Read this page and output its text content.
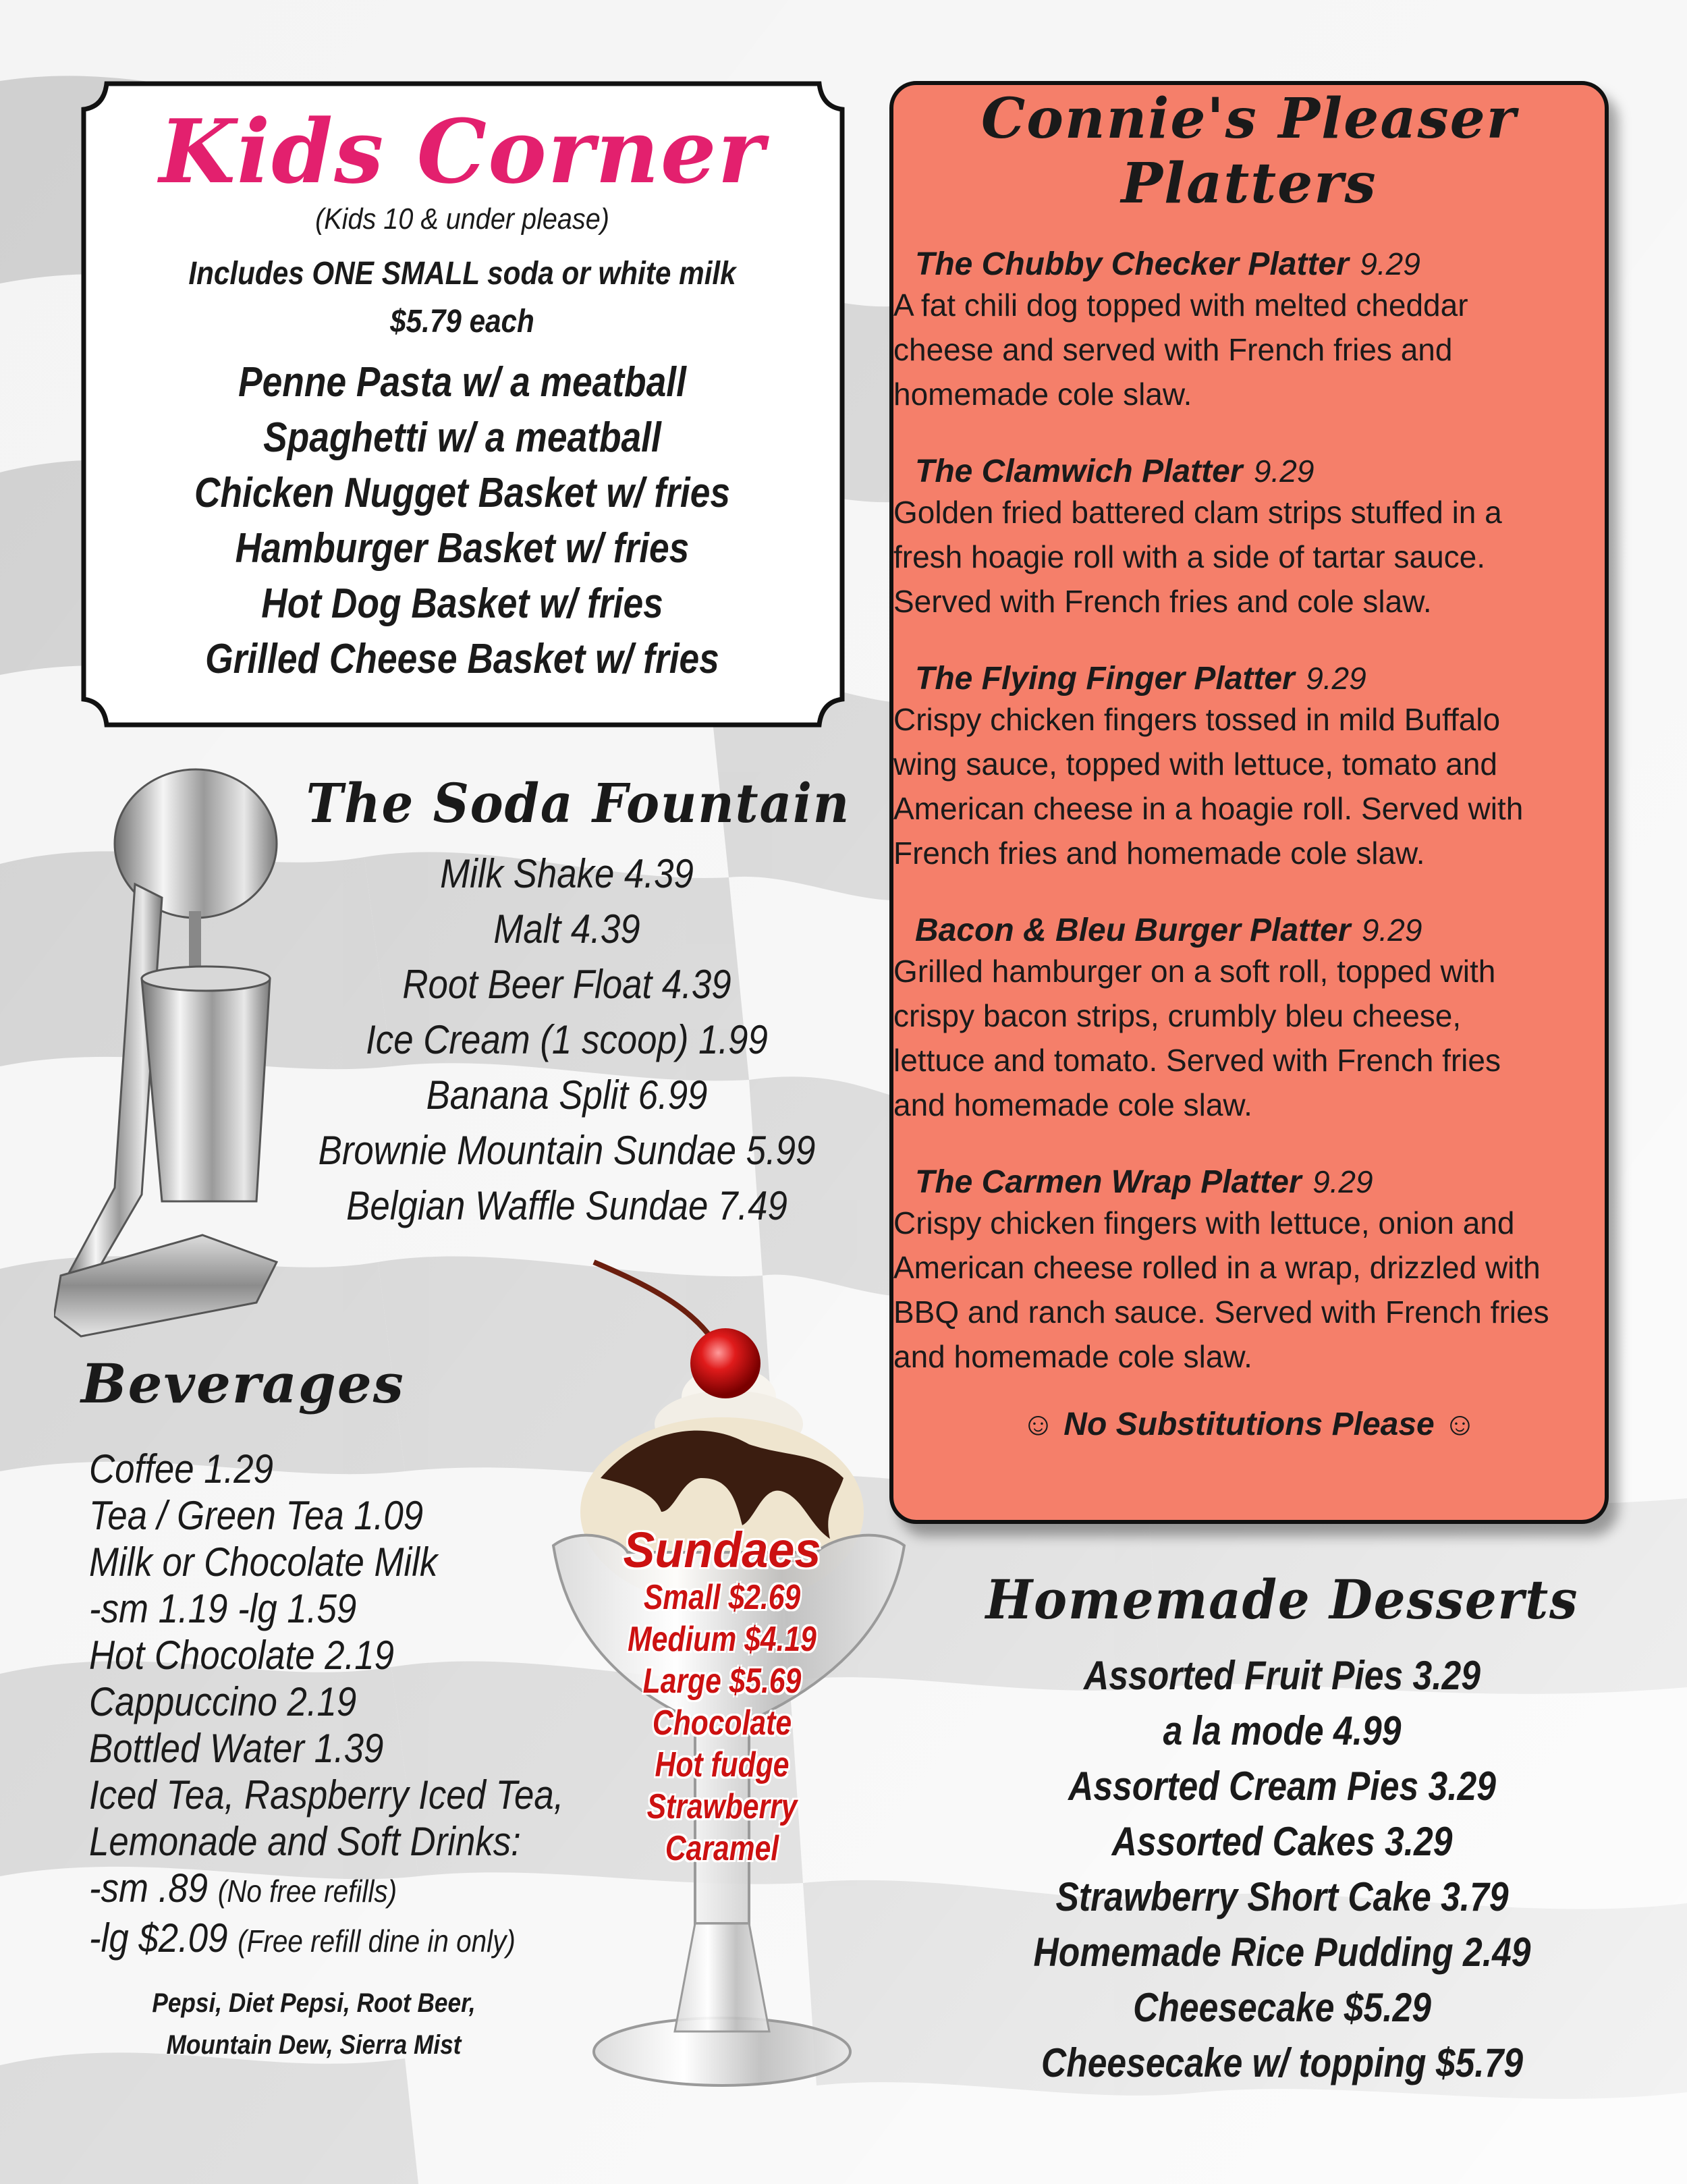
Kids Corner
(Kids 10 & under please)
Includes ONE SMALL soda or white milk
$5.79 each
Penne Pasta w/ a meatball
Spaghetti w/ a meatball
Chicken Nugget Basket w/ fries
Hamburger Basket w/ fries
Hot Dog Basket w/ fries
Grilled Cheese Basket w/ fries
The Soda Fountain
Milk Shake 4.39
Malt 4.39
Root Beer Float 4.39
Ice Cream (1 scoop) 1.99
Banana Split 6.99
Brownie Mountain Sundae 5.99
Belgian Waffle Sundae 7.49
Beverages
Coffee 1.29
Tea / Green Tea 1.09
Milk or Chocolate Milk
-sm 1.19 -lg 1.59
Hot Chocolate 2.19
Cappuccino 2.19
Bottled Water 1.39
Iced Tea, Raspberry Iced Tea,
Lemonade and Soft Drinks:
-sm .89 (No free refills)
-lg $2.09 (Free refill dine in only)
Pepsi, Diet Pepsi, Root Beer,
Mountain Dew, Sierra Mist
Sundaes
Small $2.69
Medium $4.19
Large $5.69
Chocolate
Hot fudge
Strawberry
Caramel
Connie's Pleaser
Platters
The Chubby Checker Platter 9.29
A fat chili dog topped with melted cheddar
cheese and served with French fries and
homemade cole slaw.
The Clamwich Platter 9.29
Golden fried battered clam strips stuffed in a
fresh hoagie roll with a side of tartar sauce.
Served with French fries and cole slaw.
The Flying Finger Platter 9.29
Crispy chicken fingers tossed in mild Buffalo
wing sauce, topped with lettuce, tomato and
American cheese in a hoagie roll. Served with
French fries and homemade cole slaw.
Bacon & Bleu Burger Platter 9.29
Grilled hamburger on a soft roll, topped with
crispy bacon strips, crumbly bleu cheese,
lettuce and tomato. Served with French fries
and homemade cole slaw.
The Carmen Wrap Platter 9.29
Crispy chicken fingers with lettuce, onion and
American cheese rolled in a wrap, drizzled with
BBQ and ranch sauce. Served with French fries
and homemade cole slaw.
☺ No Substitutions Please ☺
Homemade Desserts
Assorted Fruit Pies 3.29
a la mode 4.99
Assorted Cream Pies 3.29
Assorted Cakes 3.29
Strawberry Short Cake 3.79
Homemade Rice Pudding 2.49
Cheesecake $5.29
Cheesecake w/ topping $5.79
